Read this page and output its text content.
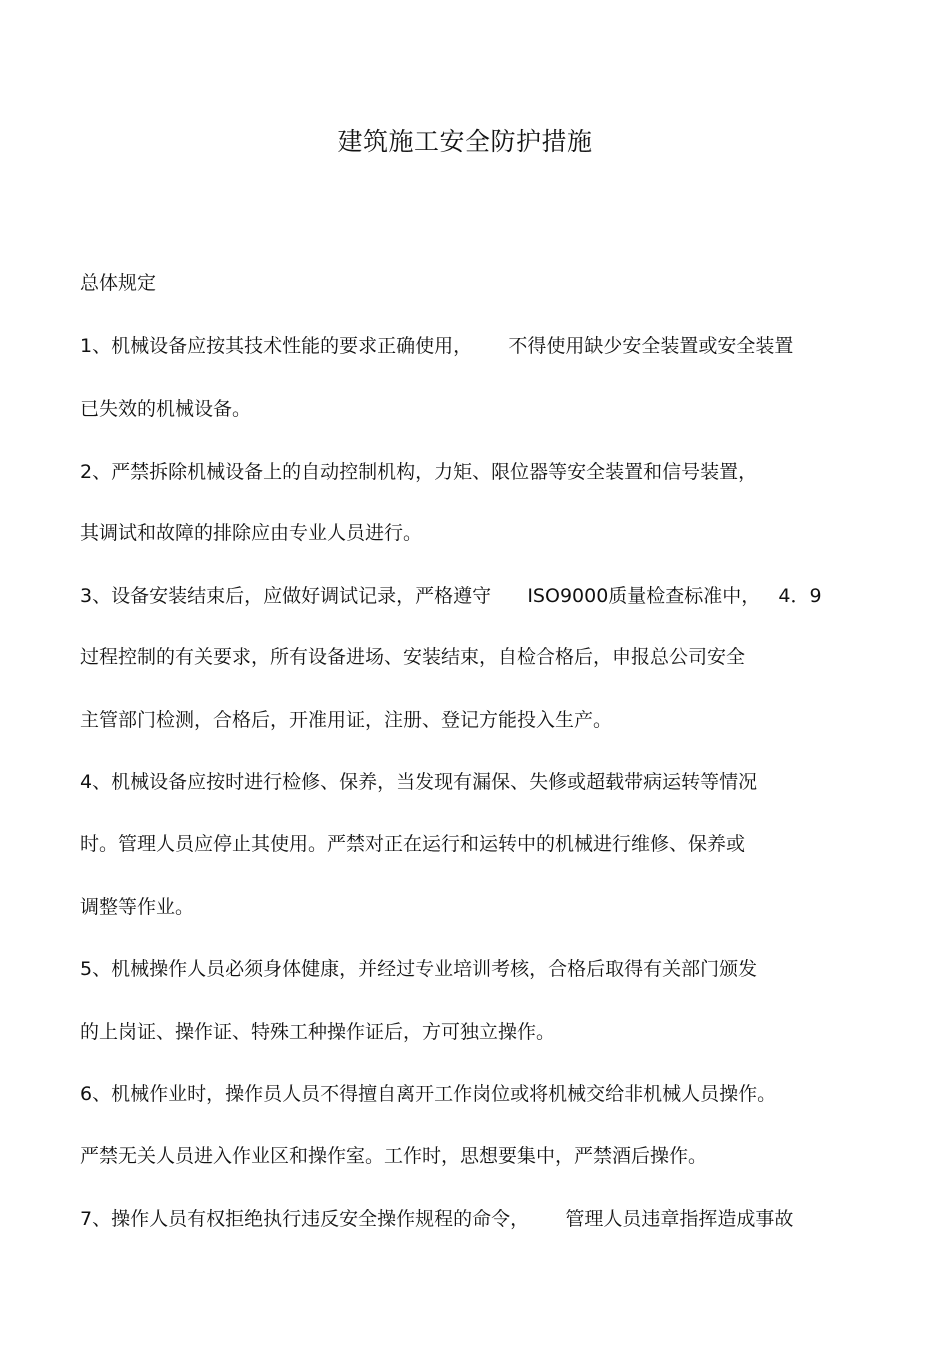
建筑施工安全防护措施
总体规定
1、机械设备应按其技术性能的要求正确使用，      不得使用缺少安全装置或安全装置
已失效的机械设备。
2、严禁拆除机械设备上的自动控制机构，力矩、限位器等安全装置和信号装置，
其调试和故障的排除应由专业人员进行。
3、设备安装结束后，应做好调试记录，严格遵守      ISO9000质量检查标准中，   4．9
过程控制的有关要求，所有设备进场、安装结束，自检合格后，申报总公司安全
主管部门检测，合格后，开准用证，注册、登记方能投入生产。
4、机械设备应按时进行检修、保养，当发现有漏保、失修或超载带病运转等情况
时。管理人员应停止其使用。严禁对正在运行和运转中的机械进行维修、保养或
调整等作业。
5、机械操作人员必须身体健康，并经过专业培训考核，合格后取得有关部门颁发
的上岗证、操作证、特殊工种操作证后，方可独立操作。
6、机械作业时，操作员人员不得擅自离开工作岗位或将机械交给非机械人员操作。
严禁无关人员进入作业区和操作室。工作时，思想要集中，严禁酒后操作。
7、操作人员有权拒绝执行违反安全操作规程的命令，      管理人员违章指挥造成事故
